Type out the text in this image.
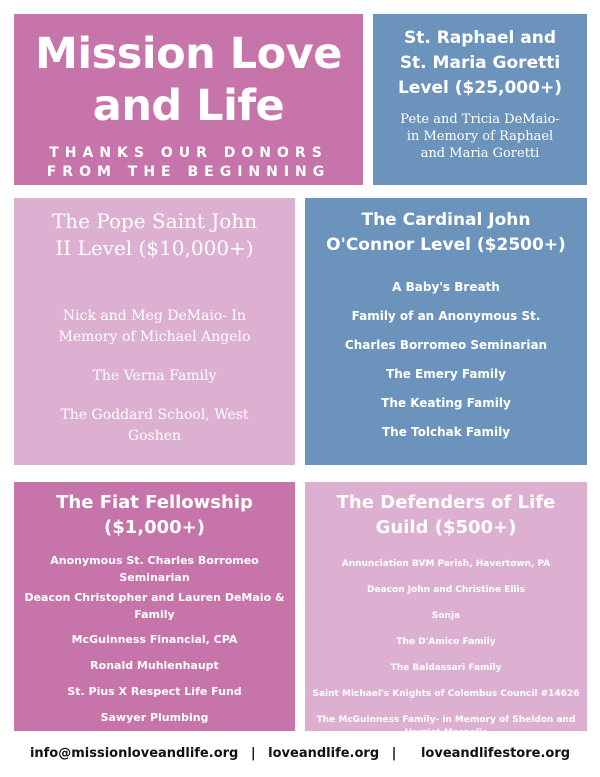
Mission Love
and Life
THANKS OUR DONORS
FROM THE BEGINNING
St. Raphael and
St. Maria Goretti
Level ($25,000+)
Pete and Tricia DeMaio-
in Memory of Raphael
and Maria Goretti
The Pope Saint John
II Level ($10,000+)
Nick and Meg DeMaio- In
Memory of Michael Angelo
The Verna Family
The Goddard School, West
Goshen
The Cardinal John
O'Connor Level ($2500+)
A Baby's Breath
Family of an Anonymous St.
Charles Borromeo Seminarian
The Emery Family
The Keating Family
The Tolchak Family
The Fiat Fellowship
($1,000+)
Anonymous St. Charles Borromeo Seminarian
Deacon Christopher and Lauren DeMaio &
Family
McGuinness Financial, CPA
Ronald Muhlenhaupt
St. Pius X Respect Life Fund
Sawyer Plumbing
The Defenders of Life
Guild ($500+)
Annunciation BVM Parish, Havertown, PA
Deacon John and Christine Ellis
Sonja
The D'Amico Family
The Baldassari Family
Saint Michael's Knights of Colombus Council #14626
The McGuinness Family- in Memory of Sheldon and
Harriet Margolis
info@missionloveandlife.org | loveandlife.org | loveandlifestore.org
